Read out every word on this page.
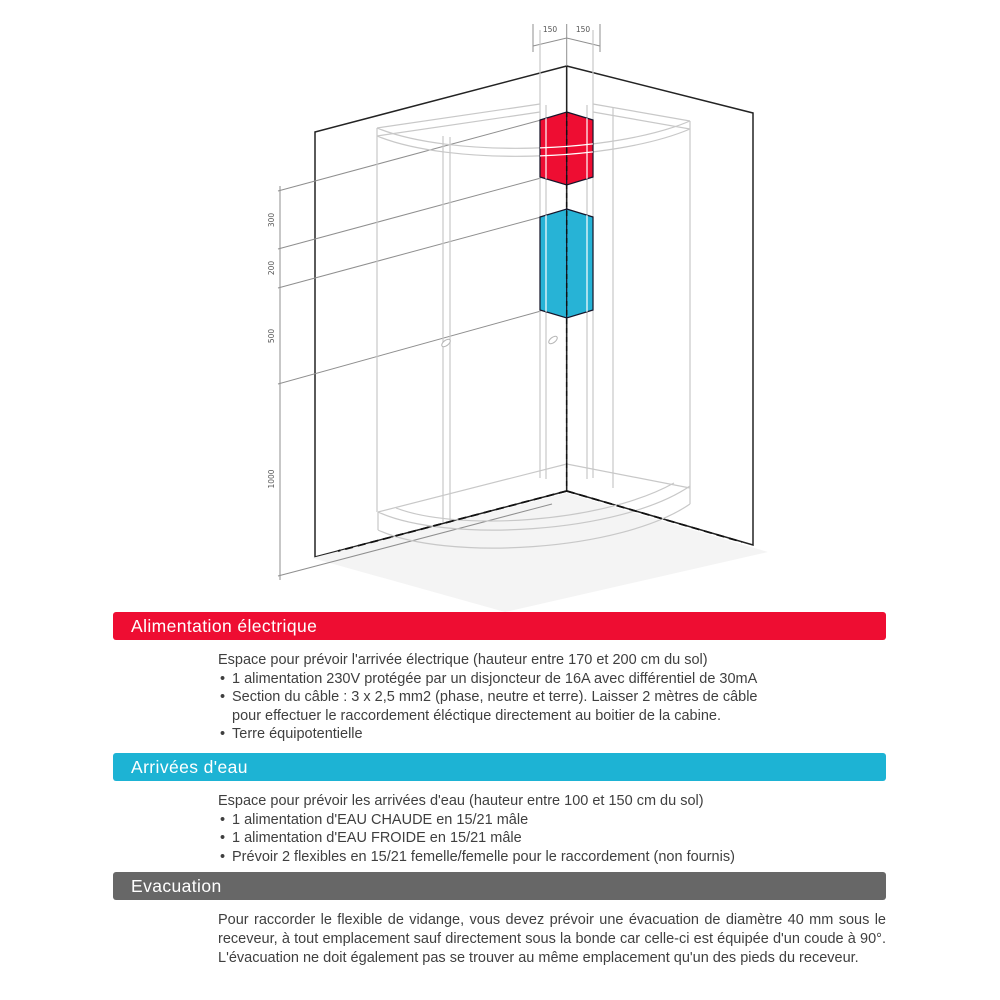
300
200
500
1000
150 150
Alimentation électrique
Espace pour prévoir l'arrivée électrique (hauteur entre 170 et 200 cm du sol)
• 1 alimentation 230V protégée par un disjoncteur de 16A avec différentiel de 30mA
• Section du câble : 3 x 2,5 mm2 (phase, neutre et terre). Laisser 2 mètres de câble
pour effectuer le raccordement éléctique directement au boitier de la cabine.
• Terre équipotentielle
Arrivées d'eau
Espace pour prévoir les arrivées d'eau (hauteur entre 100 et 150 cm du sol)
• 1 alimentation d'EAU CHAUDE en 15/21 mâle
• 1 alimentation d'EAU FROIDE en 15/21 mâle
• Prévoir 2 flexibles en 15/21 femelle/femelle pour le raccordement (non fournis)
Evacuation
Pour raccorder le flexible de vidange, vous devez prévoir une évacuation de diamètre 40 mm sous le receveur, à tout emplacement sauf directement sous la bonde car celle-ci est équipée d'un coude à 90°. L'évacuation ne doit également pas se trouver au même emplacement qu'un des pieds du receveur.
